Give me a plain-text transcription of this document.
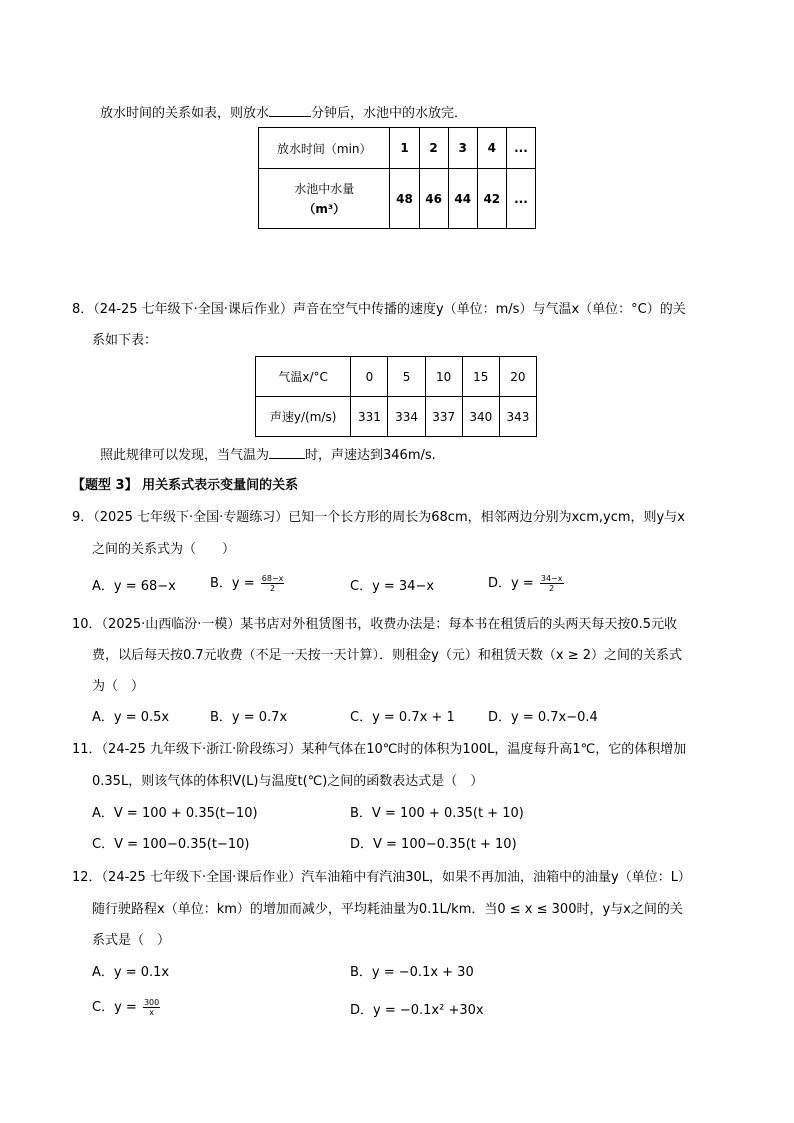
放水时间的关系如表，则放水	分钟后，水池中的水放完．
放水时间（min）	1	2	3	4	...

水池中水量
（m³）	48	46	44	42	...
8．（24-25 七年级下·全国·课后作业）声音在空气中传播的速度y（单位：m/s）与气温x（单位：°C）的关
系如下表：
气温x/°C	0	5	10	15	20
声速y/(m/s)	331	334	337	340	343
照此规律可以发现，当气温为	时，声速达到346m/s.
【题型 3】 用关系式表示变量间的关系
9．（2025 七年级下·全国·专题练习）已知一个长方形的周长为68cm，相邻两边分别为xcm,ycm，则y与x
之间的关系式为（　　）
A．y = 68−x	B．$y = \frac{68-x}{2}$	C．y = 34−x	D．$y = \frac{34-x}{2}$
10．（2025·山西临汾·一模）某书店对外租赁图书，收费办法是：每本书在租赁后的头两天每天按0.5元收
费，以后每天按0.7元收费（不足一天按一天计算）．则租金y（元）和租赁天数（x ≥ 2）之间的关系式
为（　）
A．y = 0.5x	B．y = 0.7x	C．y = 0.7x + 1	D．y = 0.7x−0.4
11．（24-25 九年级下·浙江·阶段练习）某种气体在10℃时的体积为100L，温度每升高1℃，它的体积增加
0.35L，则该气体的体积V(L)与温度t(℃)之间的函数表达式是（　）
A．V = 100 + 0.35(t−10)	B．V = 100 + 0.35(t + 10)
C．V = 100−0.35(t−10)	D．V = 100−0.35(t + 10)
12．（24-25 七年级下·全国·课后作业）汽车油箱中有汽油30L，如果不再加油，油箱中的油量y（单位：L）
随行驶路程x（单位：km）的增加而减少，平均耗油量为0.1L/km．当0 ≤ x ≤ 300时，y与x之间的关
系式是（　）
A．y = 0.1x	B．y = −0.1x + 30
C．$y = \frac{300}{x}$	D．y = −0.1x² +30x
